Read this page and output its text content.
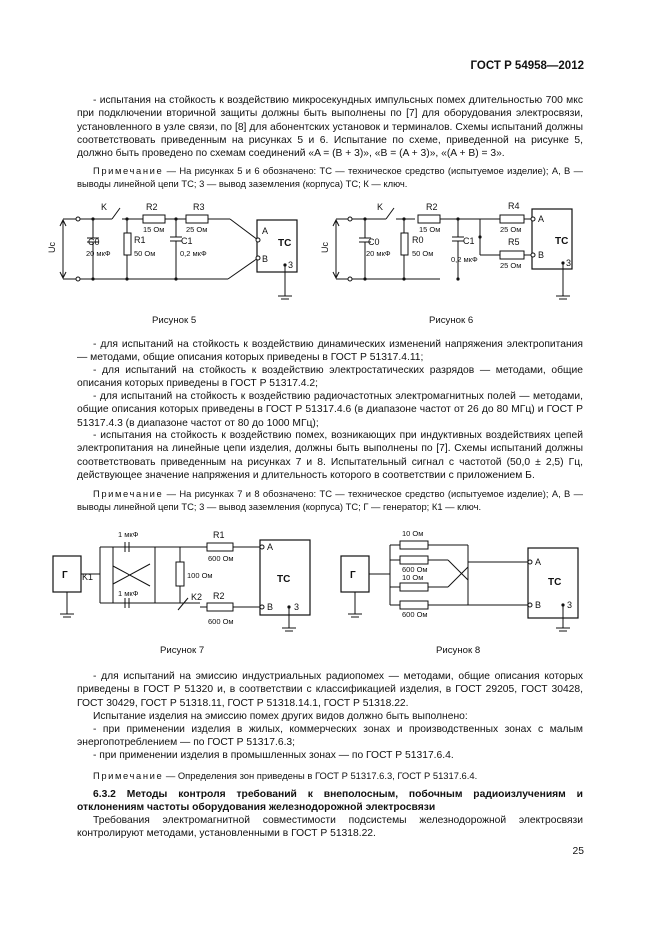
ГОСТ Р 54958—2012
- испытания на стойкость к воздействию микросекундных импульсных помех длительностью 700 мкс при подключении вторичной защиты должны быть выполнены по [7] для оборудования электросвязи, установленного в узле связи, по [8] для абонентских установок и терминалов. Схемы испытаний должны соответствовать приведенным на рисунках 5 и 6. Испытание по схеме, приведенной на рисунке 5, должно быть проведено по схемам соединений «A = (B + 3)», «B = (A + 3)», «(A + B) = 3».
Примечание — На рисунках 5 и 6 обозначено: ТС — техническое средство (испытуемое изделие); A, B — выводы линейной цепи ТС; 3 — вывод заземления (корпуса) ТС; К — ключ.
Uc
K
C0
20 мкФ
R1
50 Ом
R2
15 Ом
C1
0,2 мкФ
R3
25 Ом	A
B
TC
3
Рисунок 5
Uc
K
C0
20 мкФ
R0
50 Ом
R2
15 Ом
C1
0,2 мкФ
R4
25 Ом
R5
25 Ом
A
B
TC
3
Рисунок 6
- для испытаний на стойкость к воздействию динамических изменений напряжения электропитания — методами, общие описания которых приведены в ГОСТ Р 51317.4.11;
- для испытаний на стойкость к воздействию электростатических разрядов — методами, общие описания которых приведены в ГОСТ Р 51317.4.2;
- для испытаний на стойкость к воздействию радиочастотных электромагнитных полей — методами, общие описания которых приведены в ГОСТ Р 51317.4.6 (в диапазоне частот от 26 до 80 МГц) и ГОСТ Р 51317.4.3 (в диапазоне частот от 80 до 1000 МГц);
- испытания на стойкость к воздействию помех, возникающих при индуктивных воздействиях цепей электропитания на линейные цепи изделия, должны быть выполнены по [7]. Схемы испытаний должны соответствовать приведенным на рисунках 7 и 8. Испытательный сигнал с частотой (50,0 ± 2,5) Гц, действующее значение напряжения и длительность которого в соответствии с приложением Б.
Примечание — На рисунках 7 и 8 обозначено: ТС — техническое средство (испытуемое изделие); A, B — выводы линейной цепи ТС; 3 — вывод заземления (корпуса) ТС; Г — генератор; К1 — ключ.
Г K1
1 мкФ
1 мкФ
100 Ом
K2
R1
600 Ом
R2
600 Ом
A
B
TC
3
Рисунок 7
Г
10 Ом
600 Ом
10 Ом
600 Ом
A
B
TC
3
Рисунок 8
- для испытаний на эмиссию индустриальных радиопомех — методами, общие описания которых приведены в ГОСТ Р 51320 и, в соответствии с классификацией изделия, в ГОСТ 29205, ГОСТ 30428, ГОСТ 30429, ГОСТ Р 51318.11, ГОСТ Р 51318.14.1, ГОСТ Р 51318.22.
Испытание изделия на эмиссию помех других видов должно быть выполнено:
- при применении изделия в жилых, коммерческих зонах и производственных зонах с малым энергопотреблением — по ГОСТ Р 51317.6.3;
- при применении изделия в промышленных зонах — по ГОСТ Р 51317.6.4.
Примечание — Определения зон приведены в ГОСТ Р 51317.6.3, ГОСТ Р 51317.6.4.
6.3.2 Методы контроля требований к внеполосным, побочным радиоизлучениям и отклонениям частоты оборудования железнодорожной электросвязи
Требования электромагнитной совместимости подсистемы железнодорожной электросвязи контролируют методами, установленными в ГОСТ Р 51318.22.
25
